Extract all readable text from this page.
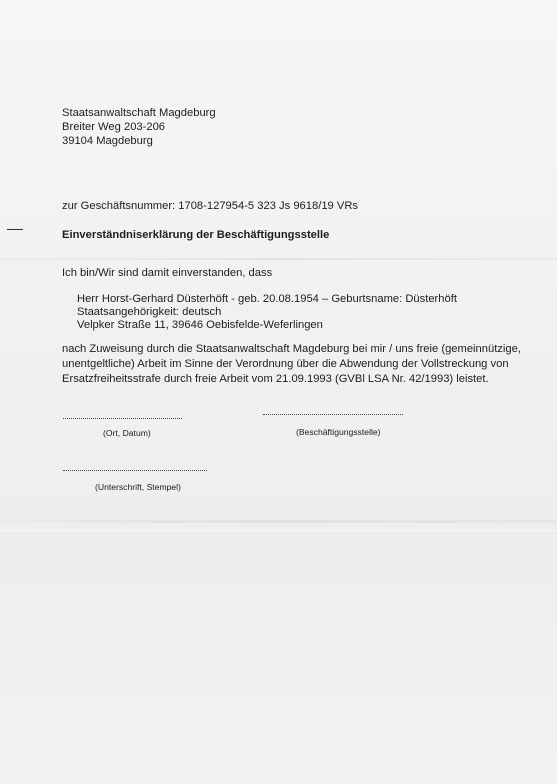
Staatsanwaltschaft Magdeburg
Breiter Weg 203-206
39104 Magdeburg
zur Geschäftsnummer: 1708-127954-5 323 Js 9618/19 VRs
Einverständniserklärung der Beschäftigungsstelle
Ich bin/Wir sind damit einverstanden, dass
Herr Horst-Gerhard Düsterhöft - geb. 20.08.1954 – Geburtsname: Düsterhöft
Staatsangehörigkeit: deutsch
Velpker Straße 11, 39646 Oebisfelde-Weferlingen
nach Zuweisung durch die Staatsanwaltschaft Magdeburg bei mir / uns freie (gemeinnützige,
unentgeltliche) Arbeit im Sinne der Verordnung über die Abwendung der Vollstreckung von
Ersatzfreiheitsstrafe durch freie Arbeit vom 21.09.1993 (GVBl LSA Nr. 42/1993) leistet.
(Ort, Datum)	(Beschäftigungsstelle)
(Unterschrift, Stempel)
